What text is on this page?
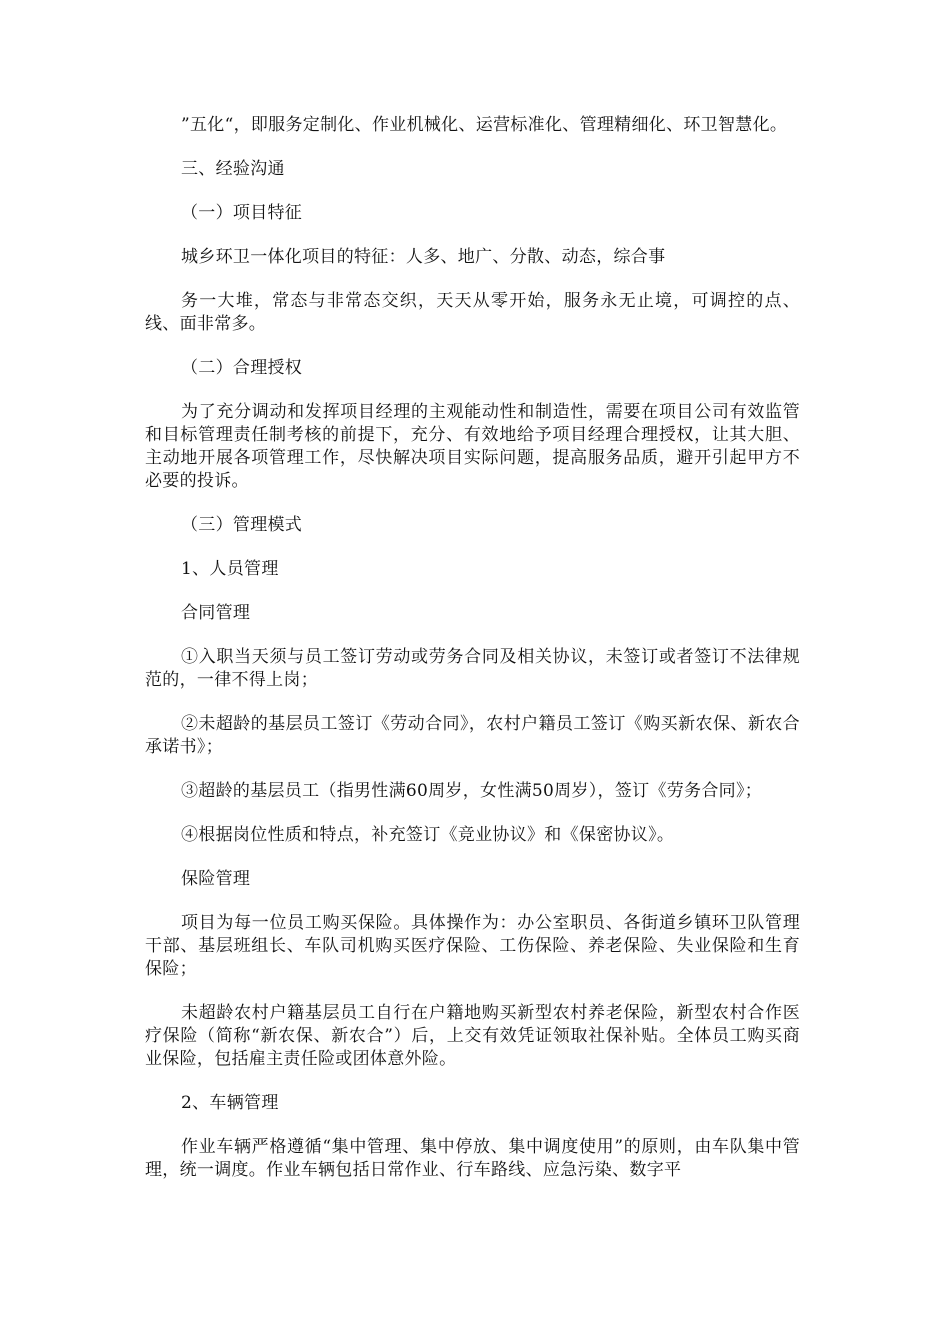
”五化“，即服务定制化、作业机械化、运营标准化、管理精细化、环卫智慧化。

三、经验沟通

（一）项目特征

城乡环卫一体化项目的特征：人多、地广、分散、动态，综合事

务一大堆，常态与非常态交织，天天从零开始，服务永无止境，可调控的点、线、面非常多。

（二）合理授权

为了充分调动和发挥项目经理的主观能动性和制造性，需要在项目公司有效监管和目标管理责任制考核的前提下，充分、有效地给予项目经理合理授权，让其大胆、主动地开展各项管理工作，尽快解决项目实际问题，提高服务品质，避开引起甲方不必要的投诉。

（三）管理模式

1、人员管理

合同管理

①入职当天须与员工签订劳动或劳务合同及相关协议，未签订或者签订不法律规范的，一律不得上岗；

②未超龄的基层员工签订《劳动合同》，农村户籍员工签订《购买新农保、新农合承诺书》；

③超龄的基层员工（指男性满60周岁，女性满50周岁），签订《劳务合同》；

④根据岗位性质和特点，补充签订《竞业协议》和《保密协议》。

保险管理

项目为每一位员工购买保险。具体操作为：办公室职员、各街道乡镇环卫队管理干部、基层班组长、车队司机购买医疗保险、工伤保险、养老保险、失业保险和生育保险；

未超龄农村户籍基层员工自行在户籍地购买新型农村养老保险，新型农村合作医疗保险（简称“新农保、新农合”）后，上交有效凭证领取社保补贴。全体员工购买商业保险，包括雇主责任险或团体意外险。

2、车辆管理

作业车辆严格遵循“集中管理、集中停放、集中调度使用”的原则，由车队集中管理，统一调度。作业车辆包括日常作业、行车路线、应急污染、数字平
